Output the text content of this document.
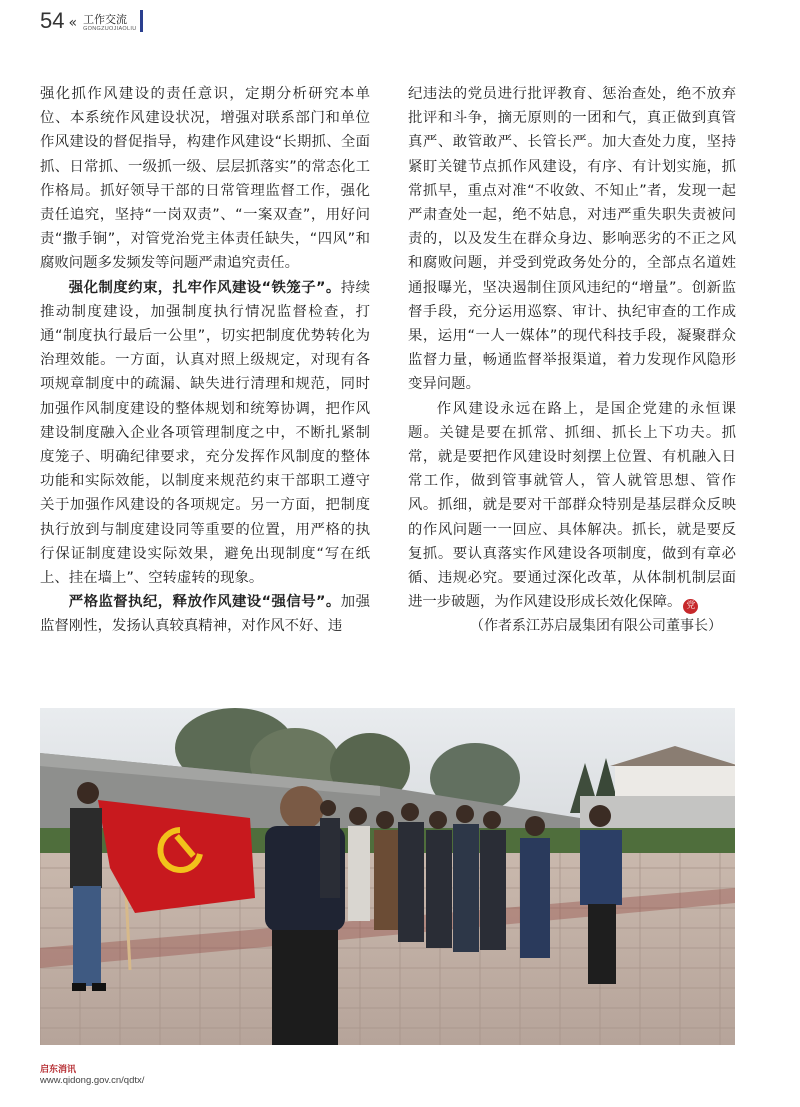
54 « 工作交流
GONGZUOJIAOLIU

强化抓作风建设的责任意识，定期分析研究本单位、本系统作风建设状况，增强对联系部门和单位作风建设的督促指导，构建作风建设“长期抓、全面抓、日常抓、一级抓一级、层层抓落实”的常态化工作格局。抓好领导干部的日常管理监督工作，强化责任追究，坚持“一岗双责”、“一案双查”，用好问责“撒手锏”，对管党治党主体责任缺失，“四风”和腐败问题多发频发等问题严肃追究责任。

强化制度约束，扎牢作风建设“铁笼子”。持续推动制度建设，加强制度执行情况监督检查，打通“制度执行最后一公里”，切实把制度优势转化为治理效能。一方面，认真对照上级规定，对现有各项规章制度中的疏漏、缺失进行清理和规范，同时加强作风制度建设的整体规划和统筹协调，把作风建设制度融入企业各项管理制度之中，不断扎紧制度笼子、明确纪律要求，充分发挥作风制度的整体功能和实际效能，以制度来规范约束干部职工遵守关于加强作风建设的各项规定。另一方面，把制度执行放到与制度建设同等重要的位置，用严格的执行保证制度建设实际效果，避免出现制度“写在纸上、挂在墙上”、空转虚转的现象。

严格监督执纪，释放作风建设“强信号”。加强监督刚性，发扬认真较真精神，对作风不好、违

纪违法的党员进行批评教育、惩治查处，绝不放弃批评和斗争，摘无原则的一团和气，真正做到真管真严、敢管敢严、长管长严。加大查处力度，坚持紧盯关键节点抓作风建设，有序、有计划实施，抓常抓早，重点对准“不收敛、不知止”者，发现一起严肃查处一起，绝不姑息，对违严重失职失责被问责的，以及发生在群众身边、影响恶劣的不正之风和腐败问题，并受到党政务处分的，全部点名道姓通报曝光，坚决遏制住顶风违纪的“增量”。创新监督手段，充分运用巡察、审计、执纪审查的工作成果，运用“一人一媒体”的现代科技手段，凝聚群众监督力量，畅通监督举报渠道，着力发现作风隐形变异问题。

作风建设永远在路上，是国企党建的永恒课题。关键是要在抓常、抓细、抓长上下功夫。抓常，就是要把作风建设时刻摆上位置、有机融入日常工作，做到管事就管人，管人就管思想、管作风。抓细，就是要对干部群众特别是基层群众反映的作风问题一一回应、具体解决。抓长，就是要反复抓。要认真落实作风建设各项制度，做到有章必循、违规必究。要通过深化改革，从体制机制层面进一步破题，为作风建设形成长效化保障。 党

（作者系江苏启晟集团有限公司董事长）

启东消讯
www.qidong.gov.cn/qdtx/
